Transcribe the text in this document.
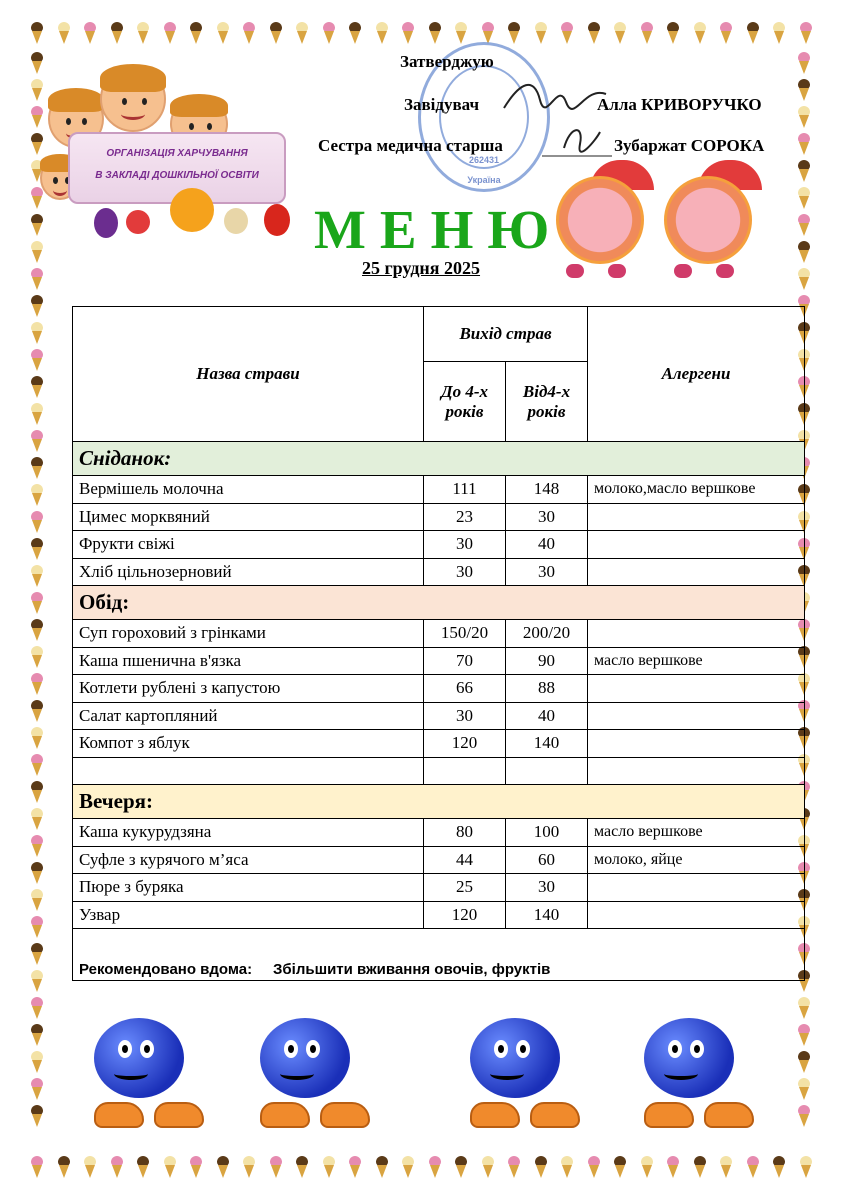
ОРГАНІЗАЦІЯ ХАРЧУВАННЯ
В ЗАКЛАДІ ДОШКІЛЬНОЇ ОСВІТИ	Україна
262431
Затверджую
Завідувач	Алла КРИВОРУЧКО
Сестра медична старша	Зубаржат СОРОКА
МЕНЮ
25 грудня 2025
Назва страви	Вихід страв		Алергени
	До 4-х років	Від4-х років	
Сніданок:			
Вермішель молочна	111	148	молоко,масло вершкове
Цимес морквяний	23	30	
Фрукти свіжі	30	40	
Хліб цільнозерновий	30	30	
Обід:			
Суп гороховий з грінками	150/20	200/20	
Каша пшенична в'язка	70	90	масло вершкове
Котлети рублені з капустою	66	88	
Салат картопляний	30	40	
Компот з яблук	120	140	

Вечеря:			
Каша кукурудзяна	80	100	масло вершкове
Суфле з курячого м’яса	44	60	молоко, яйце
Пюре з буряка	25	30	
Узвар	120	140	
Рекомендовано вдома: Збільшити вживання овочів, фруктів			
